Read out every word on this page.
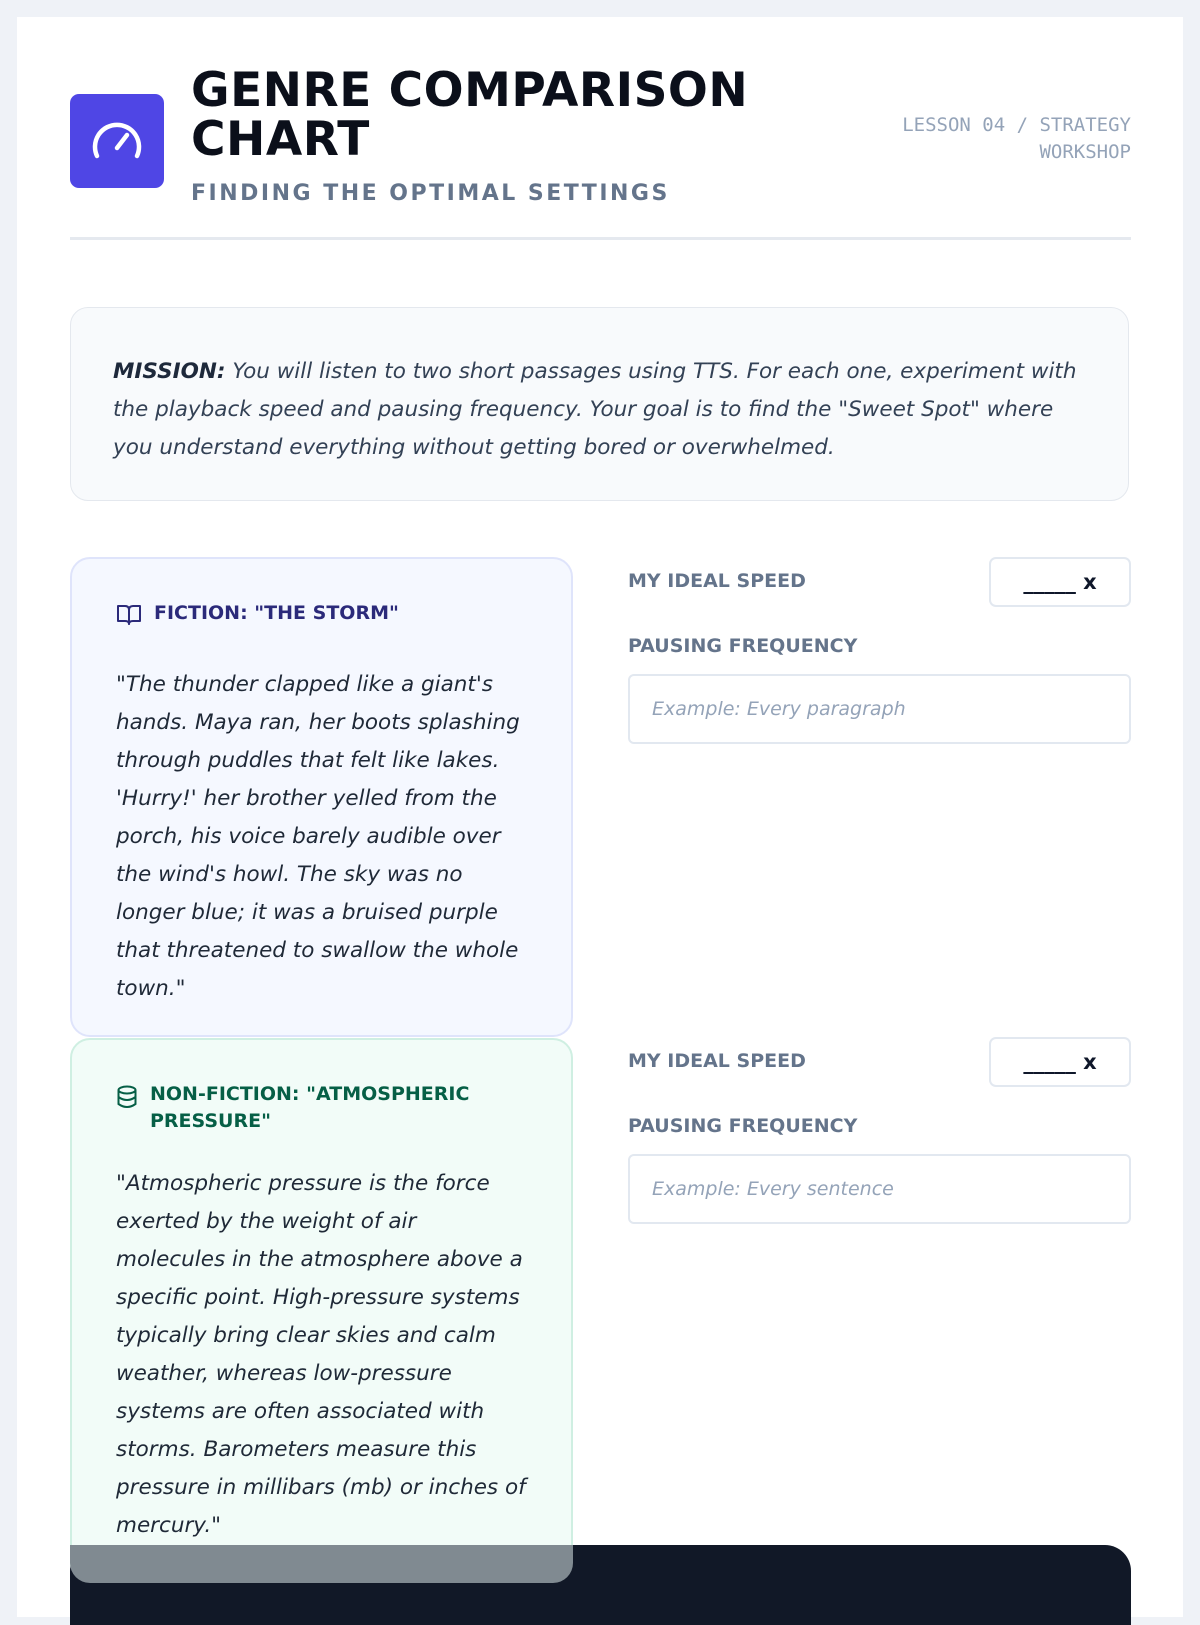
GENRE COMPARISON CHART
FINDING THE OPTIMAL SETTINGS
LESSON 04 / STRATEGY WORKSHOP
MISSION: You will listen to two short passages using TTS. For each one, experiment with the playback speed and pausing frequency. Your goal is to find the "Sweet Spot" where you understand everything without getting bored or overwhelmed.
FICTION: "THE STORM"
"The thunder clapped like a giant's hands. Maya ran, her boots splashing through puddles that felt like lakes. 'Hurry!' her brother yelled from the porch, his voice barely audible over the wind's howl. The sky was no longer blue; it was a bruised purple that threatened to swallow the whole town."
MY IDEAL SPEED	_____ x
PAUSING FREQUENCY
Example: Every paragraph
NON-FICTION: "ATMOSPHERIC PRESSURE"
"Atmospheric pressure is the force exerted by the weight of air molecules in the atmosphere above a specific point. High-pressure systems typically bring clear skies and calm weather, whereas low-pressure systems are often associated with storms. Barometers measure this pressure in millibars (mb) or inches of mercury."
MY IDEAL SPEED	_____ x
PAUSING FREQUENCY
Example: Every sentence
